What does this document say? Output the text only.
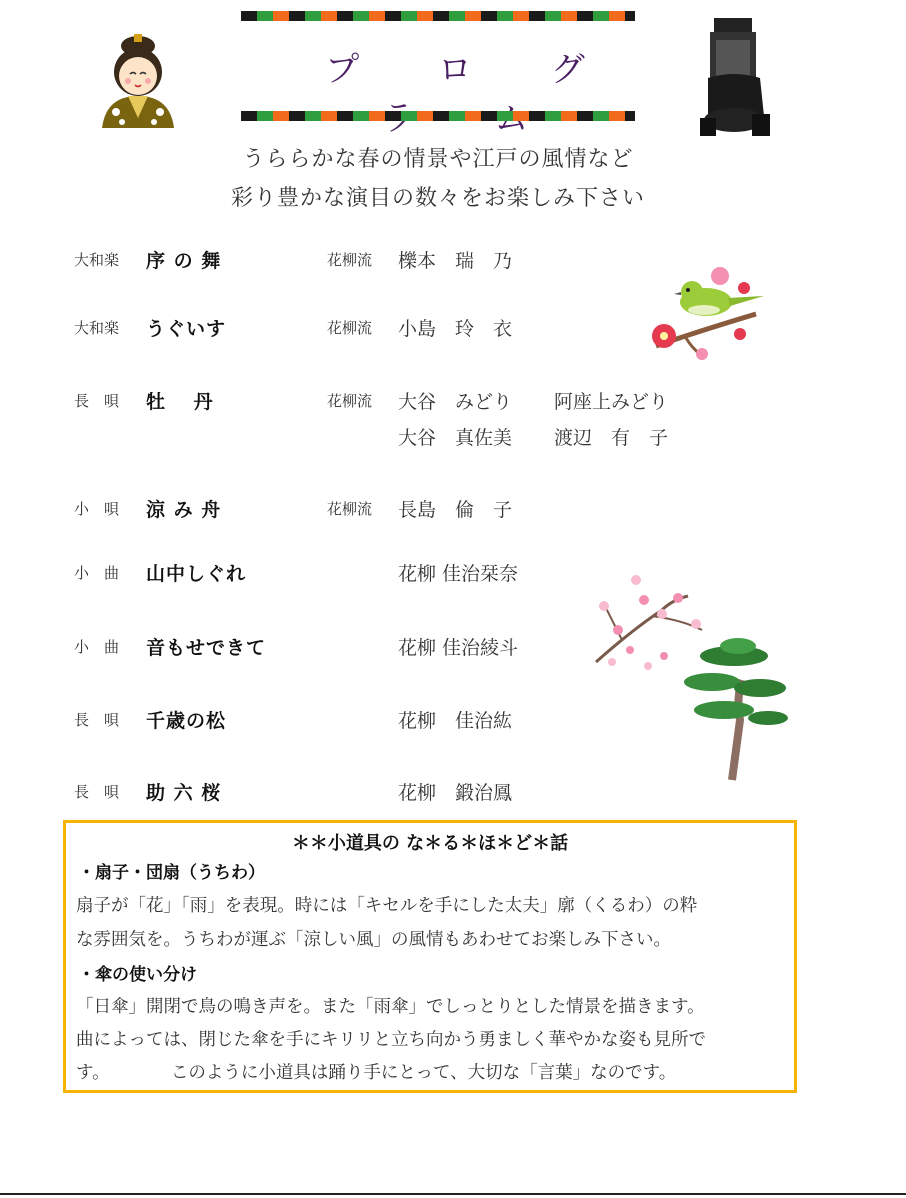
プ ロ グ
うららかな春の情景や江戸の風情など
彩り豊かな演目の数々をお楽しみ下さい
大和楽 序 の 舞	花柳流 櫟本　瑞　乃
大和楽 うぐいす	花柳流 小島　玲　衣
長　唄 牡　 丹	花柳流 大谷　みどり 阿座上みどり
大谷　真佐美 渡辺　有　子
小　唄 涼 み 舟	花柳流 長島　倫　子
小　曲 山中しぐれ	花柳 佳治栞奈
小　曲 音もせできて	花柳 佳治綾斗
長　唄 千歳の松	花柳　佳治紘
長　唄 助 六 桜	花柳　鍛治鳳
＊＊小道具の な＊る＊ほ＊ど＊話
・扇子・団扇（うちわ）
扇子が「花」「雨」を表現。時には「キセルを手にした太夫」廓（くるわ）の粋
な雰囲気を。うちわが運ぶ「涼しい風」の風情もあわせてお楽しみ下さい。
・傘の使い分け
「日傘」開閉で鳥の鳴き声を。また「雨傘」でしっとりとした情景を描きます。
曲によっては、閉じた傘を手にキリリと立ち向かう勇ましく華やかな姿も見所で
す。　　　　このように小道具は踊り手にとって、大切な「言葉」なのです。
